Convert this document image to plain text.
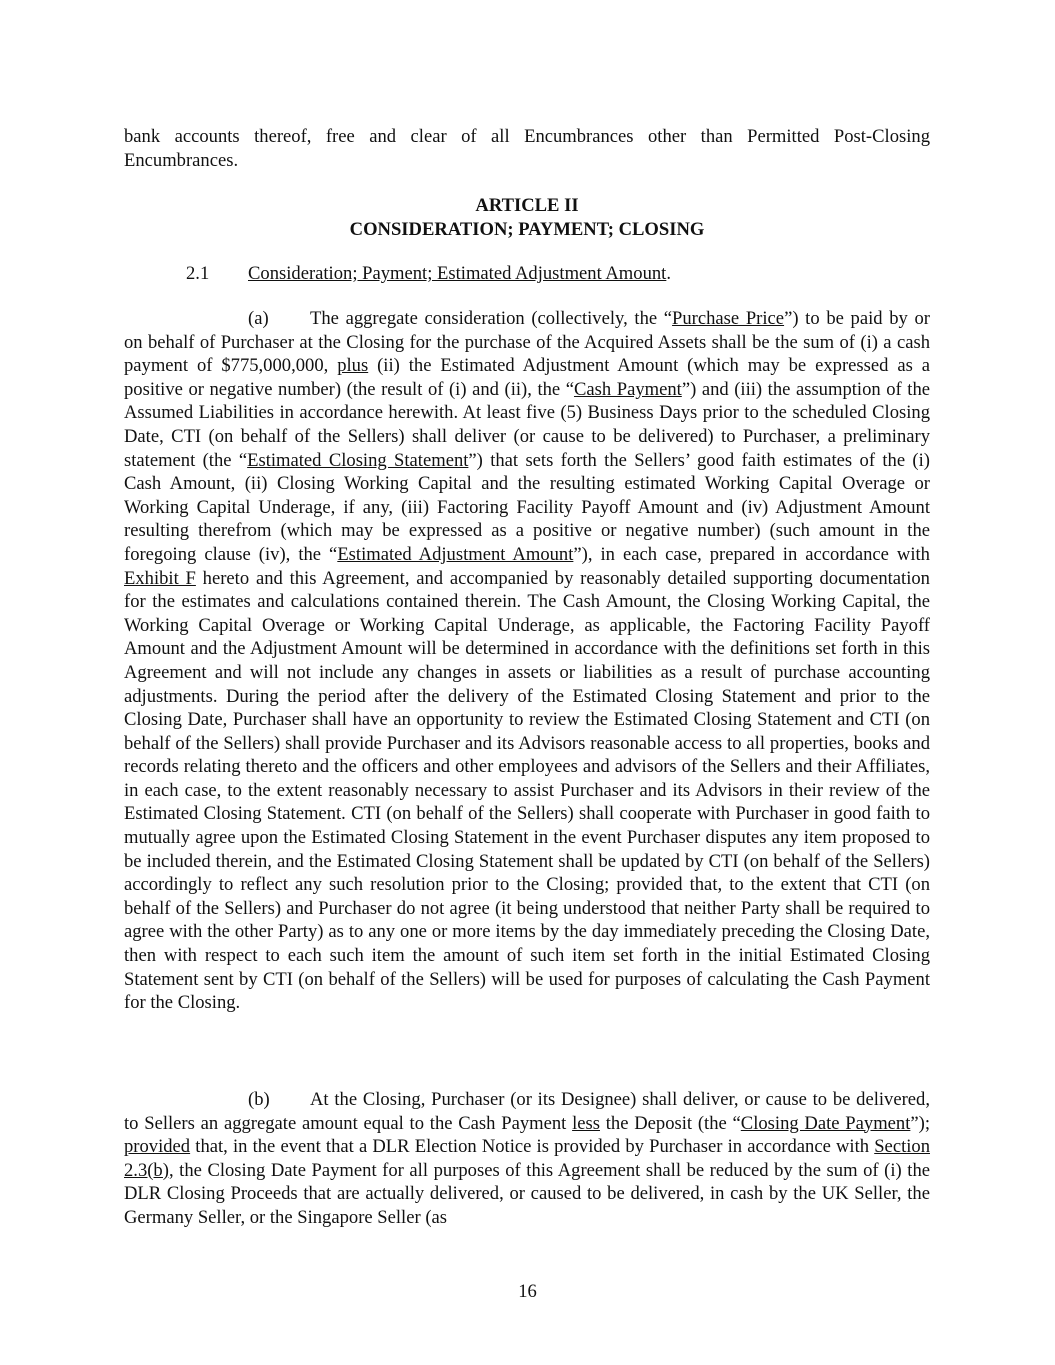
bank accounts thereof, free and clear of all Encumbrances other than Permitted Post-Closing Encumbrances.

ARTICLE II

CONSIDERATION; PAYMENT; CLOSING

2.1 Consideration; Payment; Estimated Adjustment Amount.

(a) The aggregate consideration (collectively, the “Purchase Price”) to be paid by or on behalf of Purchaser at the Closing for the purchase of the Acquired Assets shall be the sum of (i) a cash payment of $775,000,000, plus (ii) the Estimated Adjustment Amount (which may be expressed as a positive or negative number) (the result of (i) and (ii), the “Cash Payment”) and (iii) the assumption of the Assumed Liabilities in accordance herewith. At least five (5) Business Days prior to the scheduled Closing Date, CTI (on behalf of the Sellers) shall deliver (or cause to be delivered) to Purchaser, a preliminary statement (the “Estimated Closing Statement”) that sets forth the Sellers’ good faith estimates of the (i) Cash Amount, (ii) Closing Working Capital and the resulting estimated Working Capital Overage or Working Capital Underage, if any, (iii) Factoring Facility Payoff Amount and (iv) Adjustment Amount resulting therefrom (which may be expressed as a positive or negative number) (such amount in the foregoing clause (iv), the “Estimated Adjustment Amount”), in each case, prepared in accordance with Exhibit F hereto and this Agreement, and accompanied by reasonably detailed supporting documentation for the estimates and calculations contained therein. The Cash Amount, the Closing Working Capital, the Working Capital Overage or Working Capital Underage, as applicable, the Factoring Facility Payoff Amount and the Adjustment Amount will be determined in accordance with the definitions set forth in this Agreement and will not include any changes in assets or liabilities as a result of purchase accounting adjustments. During the period after the delivery of the Estimated Closing Statement and prior to the Closing Date, Purchaser shall have an opportunity to review the Estimated Closing Statement and CTI (on behalf of the Sellers) shall provide Purchaser and its Advisors reasonable access to all properties, books and records relating thereto and the officers and other employees and advisors of the Sellers and their Affiliates, in each case, to the extent reasonably necessary to assist Purchaser and its Advisors in their review of the Estimated Closing Statement. CTI (on behalf of the Sellers) shall cooperate with Purchaser in good faith to mutually agree upon the Estimated Closing Statement in the event Purchaser disputes any item proposed to be included therein, and the Estimated Closing Statement shall be updated by CTI (on behalf of the Sellers) accordingly to reflect any such resolution prior to the Closing; provided that, to the extent that CTI (on behalf of the Sellers) and Purchaser do not agree (it being understood that neither Party shall be required to agree with the other Party) as to any one or more items by the day immediately preceding the Closing Date, then with respect to each such item the amount of such item set forth in the initial Estimated Closing Statement sent by CTI (on behalf of the Sellers) will be used for purposes of calculating the Cash Payment for the Closing.

(b) At the Closing, Purchaser (or its Designee) shall deliver, or cause to be delivered, to Sellers an aggregate amount equal to the Cash Payment less the Deposit (the “Closing Date Payment”); provided that, in the event that a DLR Election Notice is provided by Purchaser in accordance with Section 2.3(b), the Closing Date Payment for all purposes of this Agreement shall be reduced by the sum of (i) the DLR Closing Proceeds that are actually delivered, or caused to be delivered, in cash by the UK Seller, the Germany Seller, or the Singapore Seller (as

16
